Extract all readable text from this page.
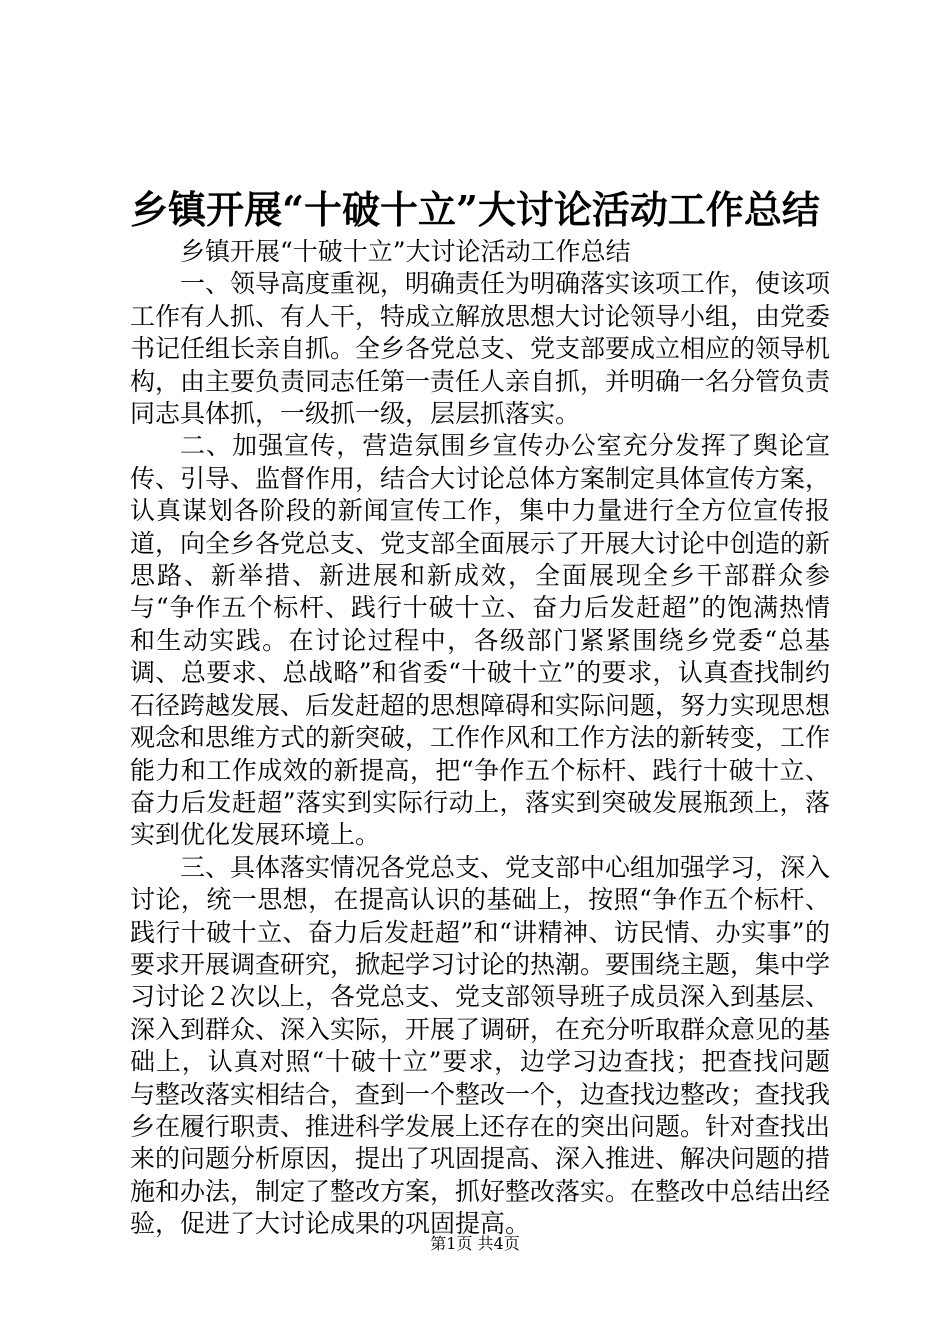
乡镇开展“十破十立”大讨论活动工作总结

乡镇开展“十破十立”大讨论活动工作总结

一、领导高度重视，明确责任为明确落实该项工作，使该项工作有人抓、有人干，特成立解放思想大讨论领导小组，由党委书记任组长亲自抓。全乡各党总支、党支部要成立相应的领导机构，由主要负责同志任第一责任人亲自抓，并明确一名分管负责同志具体抓，一级抓一级，层层抓落实。

二、加强宣传，营造氛围乡宣传办公室充分发挥了舆论宣传、引导、监督作用，结合大讨论总体方案制定具体宣传方案，认真谋划各阶段的新闻宣传工作，集中力量进行全方位宣传报道，向全乡各党总支、党支部全面展示了开展大讨论中创造的新思路、新举措、新进展和新成效，全面展现全乡干部群众参与“争作五个标杆、践行十破十立、奋力后发赶超”的饱满热情和生动实践。在讨论过程中，各级部门紧紧围绕乡党委“总基调、总要求、总战略”和省委“十破十立”的要求，认真查找制约石径跨越发展、后发赶超的思想障碍和实际问题，努力实现思想观念和思维方式的新突破，工作作风和工作方法的新转变，工作能力和工作成效的新提高，把“争作五个标杆、践行十破十立、奋力后发赶超”落实到实际行动上，落实到突破发展瓶颈上，落实到优化发展环境上。

三、具体落实情况各党总支、党支部中心组加强学习，深入讨论，统一思想，在提高认识的基础上，按照“争作五个标杆、践行十破十立、奋力后发赶超”和“讲精神、访民情、办实事”的要求开展调查研究，掀起学习讨论的热潮。要围绕主题，集中学习讨论２次以上，各党总支、党支部领导班子成员深入到基层、深入到群众、深入实际，开展了调研，在充分听取群众意见的基础上，认真对照“十破十立”要求，边学习边查找；把查找问题与整改落实相结合，查到一个整改一个，边查找边整改；查找我乡在履行职责、推进科学发展上还存在的突出问题。针对查找出来的问题分析原因，提出了巩固提高、深入推进、解决问题的措施和办法，制定了整改方案，抓好整改落实。在整改中总结出经验，促进了大讨论成果的巩固提高。

第1页 共4页
